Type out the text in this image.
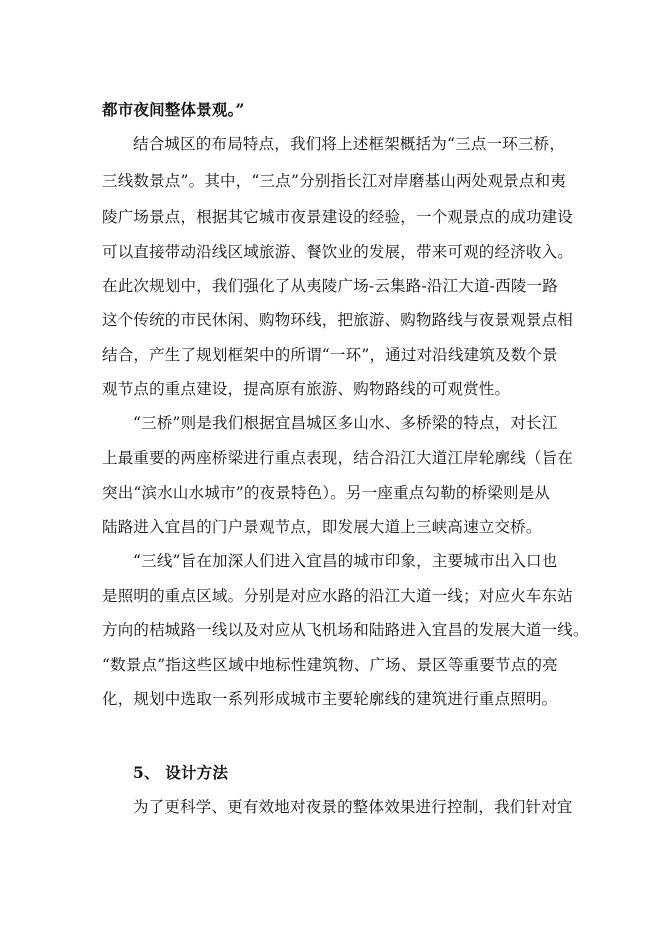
都市夜间整体景观。”
结合城区的布局特点，我们将上述框架概括为“三点一环三桥，
三线数景点”。其中，“三点”分别指长江对岸磨基山两处观景点和夷
陵广场景点，根据其它城市夜景建设的经验，一个观景点的成功建设
可以直接带动沿线区域旅游、餐饮业的发展，带来可观的经济收入。
在此次规划中，我们强化了从夷陵广场-云集路-沿江大道-西陵一路
这个传统的市民休闲、购物环线，把旅游、购物路线与夜景观景点相
结合，产生了规划框架中的所谓“一环”，通过对沿线建筑及数个景
观节点的重点建设，提高原有旅游、购物路线的可观赏性。
“三桥”则是我们根据宜昌城区多山水、多桥梁的特点，对长江
上最重要的两座桥梁进行重点表现，结合沿江大道江岸轮廓线（旨在
突出“滨水山水城市”的夜景特色）。另一座重点勾勒的桥梁则是从
陆路进入宜昌的门户景观节点，即发展大道上三峡高速立交桥。
“三线”旨在加深人们进入宜昌的城市印象，主要城市出入口也
是照明的重点区域。分别是对应水路的沿江大道一线；对应火车东站
方向的桔城路一线以及对应从飞机场和陆路进入宜昌的发展大道一线。
“数景点”指这些区域中地标性建筑物、广场、景区等重要节点的亮
化，规划中选取一系列形成城市主要轮廓线的建筑进行重点照明。
5、 设计方法
为了更科学、更有效地对夜景的整体效果进行控制，我们针对宜
